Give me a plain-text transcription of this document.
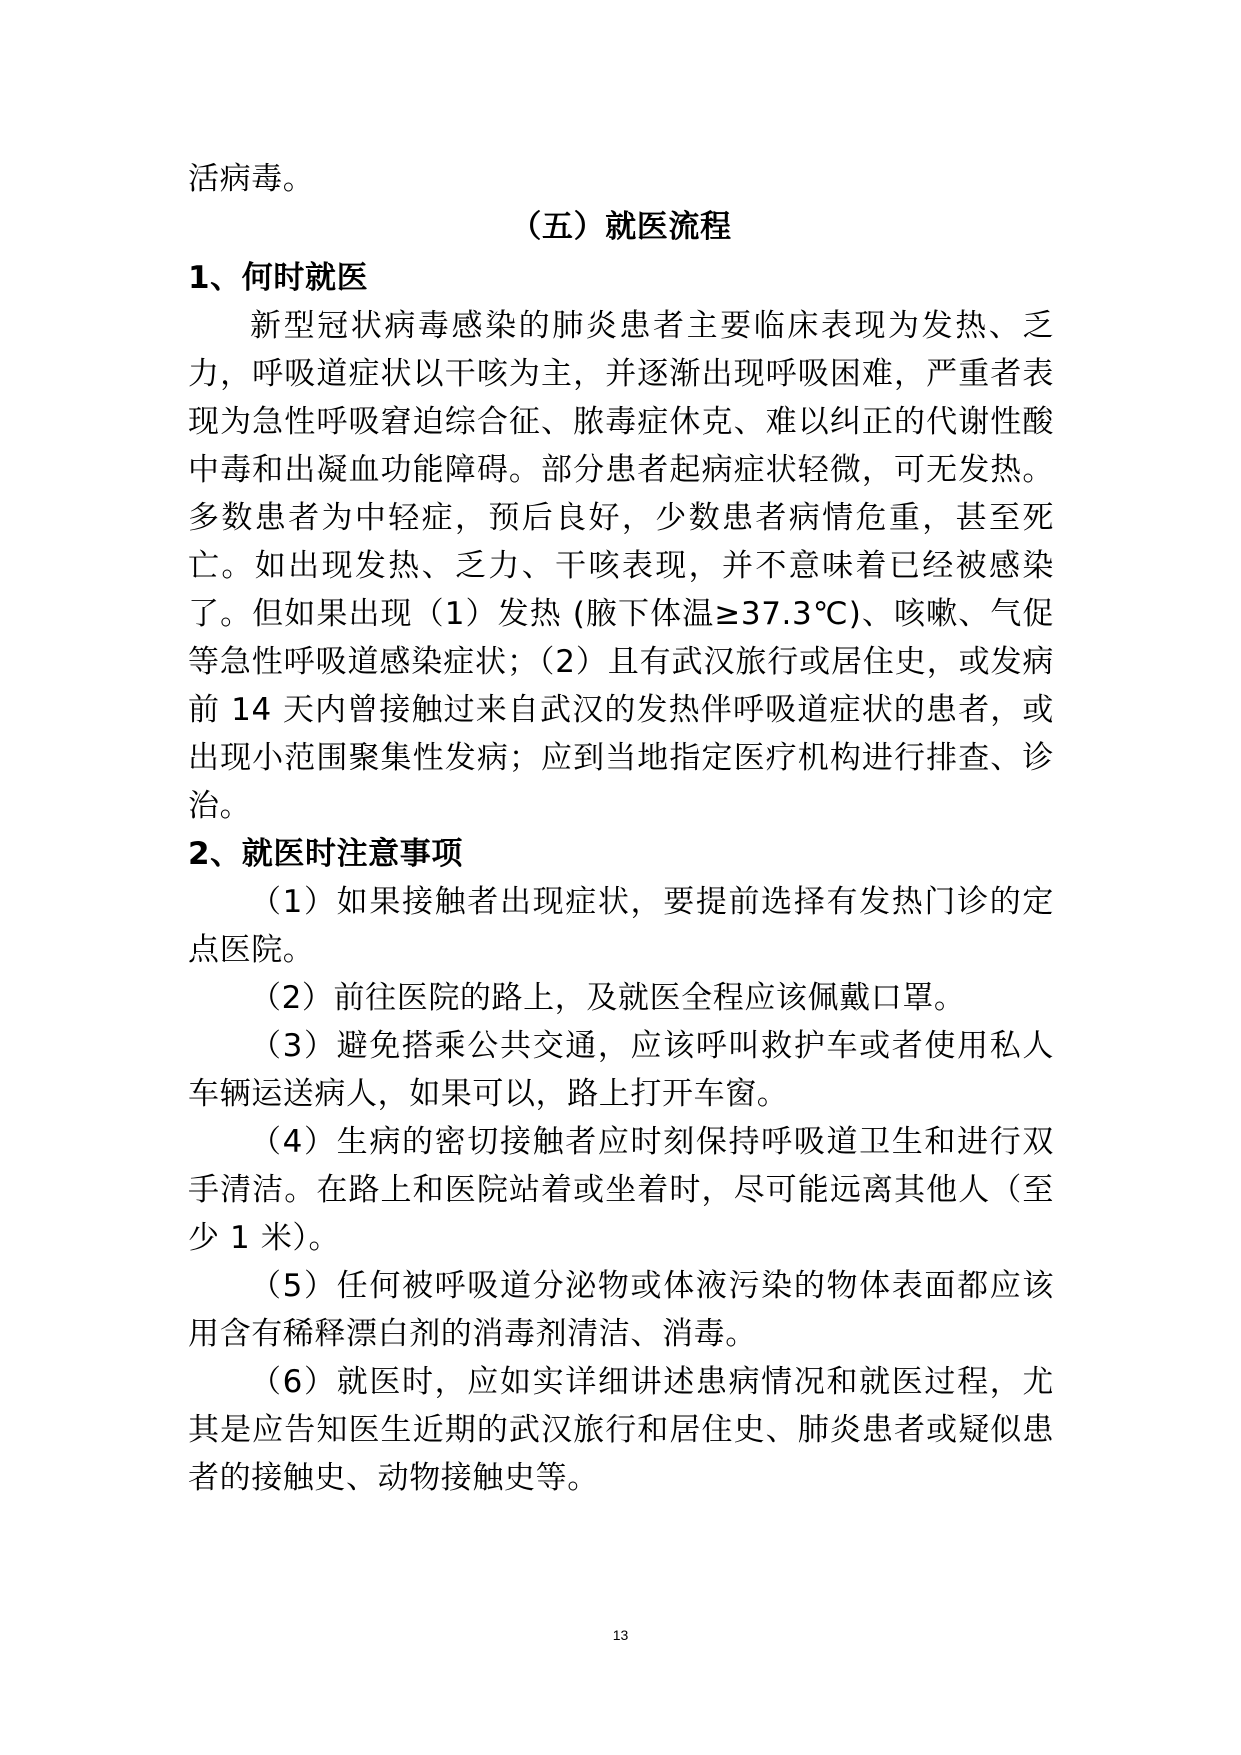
活病毒。

（五）就医流程

1、何时就医

新型冠状病毒感染的肺炎患者主要临床表现为发热、乏力，呼吸道症状以干咳为主，并逐渐出现呼吸困难，严重者表现为急性呼吸窘迫综合征、脓毒症休克、难以纠正的代谢性酸中毒和出凝血功能障碍。部分患者起病症状轻微，可无发热。多数患者为中轻症，预后良好，少数患者病情危重，甚至死亡。如出现发热、乏力、干咳表现，并不意味着已经被感染了。但如果出现（1）发热 (腋下体温≥37.3℃)、咳嗽、气促等急性呼吸道感染症状；（2）且有武汉旅行或居住史，或发病前 14 天内曾接触过来自武汉的发热伴呼吸道症状的患者，或出现小范围聚集性发病；应到当地指定医疗机构进行排查、诊治。

2、就医时注意事项

（1）如果接触者出现症状，要提前选择有发热门诊的定点医院。

（2）前往医院的路上，及就医全程应该佩戴口罩。

（3）避免搭乘公共交通，应该呼叫救护车或者使用私人车辆运送病人，如果可以，路上打开车窗。

（4）生病的密切接触者应时刻保持呼吸道卫生和进行双手清洁。在路上和医院站着或坐着时，尽可能远离其他人（至少 1 米）。

（5）任何被呼吸道分泌物或体液污染的物体表面都应该用含有稀释漂白剂的消毒剂清洁、消毒。

（6）就医时，应如实详细讲述患病情况和就医过程，尤其是应告知医生近期的武汉旅行和居住史、肺炎患者或疑似患者的接触史、动物接触史等。

13
